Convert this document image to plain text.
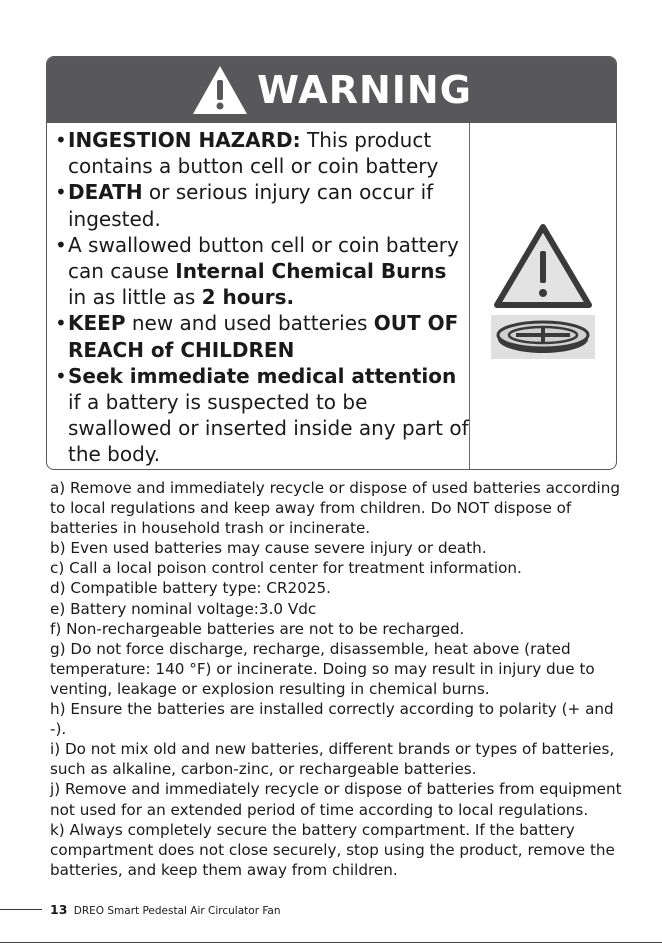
WARNING
• INGESTION HAZARD: This product contains a button cell or coin battery
• DEATH or serious injury can occur if ingested.
• A swallowed button cell or coin battery can cause Internal Chemical Burns in as little as 2 hours.
• KEEP new and used batteries OUT OF REACH of CHILDREN
• Seek immediate medical attention if a battery is suspected to be swallowed or inserted inside any part of the body.

a) Remove and immediately recycle or dispose of used batteries according to local regulations and keep away from children. Do NOT dispose of batteries in household trash or incinerate.

b) Even used batteries may cause severe injury or death.

c) Call a local poison control center for treatment information.

d) Compatible battery type: CR2025.

e) Battery nominal voltage:3.0 Vdc

f) Non-rechargeable batteries are not to be recharged.

g) Do not force discharge, recharge, disassemble, heat above (rated temperature: 140 °F) or incinerate. Doing so may result in injury due to venting, leakage or explosion resulting in chemical burns.

h) Ensure the batteries are installed correctly according to polarity (+ and -).

i) Do not mix old and new batteries, different brands or types of batteries, such as alkaline, carbon-zinc, or rechargeable batteries.

j) Remove and immediately recycle or dispose of batteries from equipment not used for an extended period of time according to local regulations.

k) Always completely secure the battery compartment. If the battery compartment does not close securely, stop using the product, remove the batteries, and keep them away from children.

13 DREO Smart Pedestal Air Circulator Fan
